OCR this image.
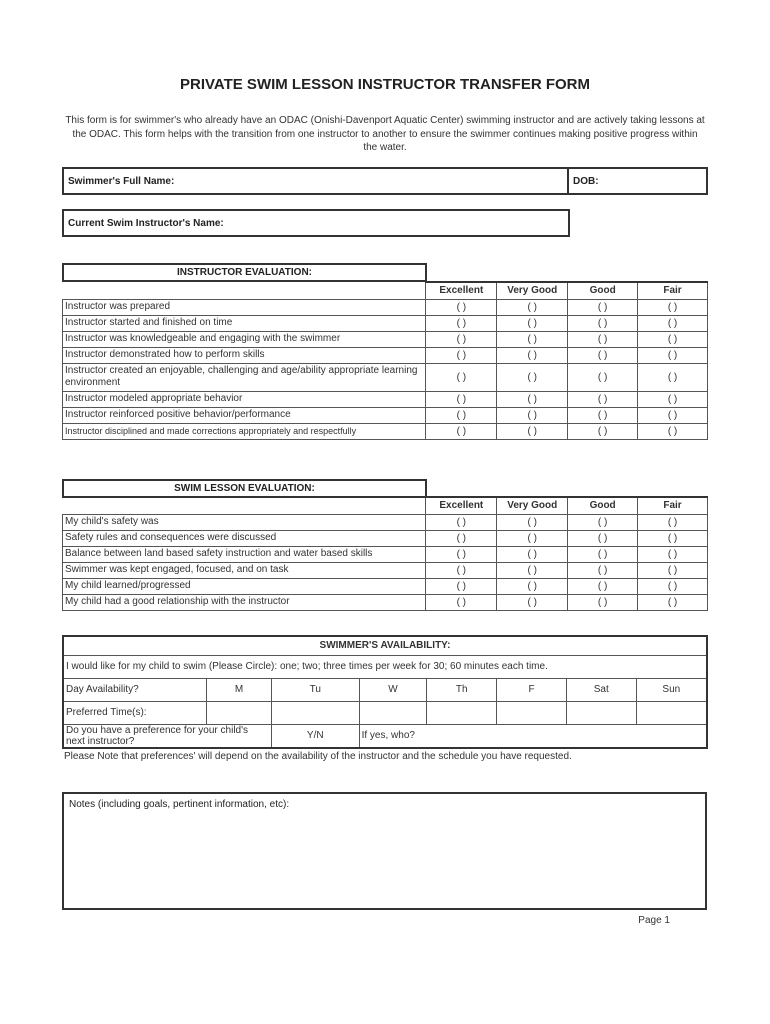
PRIVATE SWIM LESSON INSTRUCTOR TRANSFER FORM
This form is for swimmer's who already have an ODAC (Onishi-Davenport Aquatic Center) swimming instructor and are actively taking lessons at the ODAC. This form helps with the transition from one instructor to another to ensure the swimmer continues making positive progress within the water.
Swimmer's Full Name:	DOB:
Current Swim Instructor's Name:
INSTRUCTOR EVALUATION:
	Excellent	Very Good	Good	Fair
Instructor was prepared	( )	( )	( )	( )
Instructor started and finished on time	( )	( )	( )	( )
Instructor was knowledgeable and engaging with the swimmer	( )	( )	( )	( )
Instructor demonstrated how to perform skills	( )	( )	( )	( )
Instructor created an enjoyable, challenging and age/ability appropriate learning environment	( )	( )	( )	( )
Instructor modeled appropriate behavior	( )	( )	( )	( )
Instructor reinforced positive behavior/performance	( )	( )	( )	( )
Instructor disciplined and made corrections appropriately and respectfully	( )	( )	( )	( )
SWIM LESSON EVALUATION:
	Excellent	Very Good	Good	Fair
My child's safety was	( )	( )	( )	( )
Safety rules and consequences were discussed	( )	( )	( )	( )
Balance between land based safety instruction and water based skills	( )	( )	( )	( )
Swimmer was kept engaged, focused, and on task	( )	( )	( )	( )
My child learned/progressed	( )	( )	( )	( )
My child had a good relationship with the instructor	( )	( )	( )	( )
SWIMMER'S AVAILABILITY:							
I would like for my child to swim (Please Circle): one; two; three times per week for 30; 60 minutes each time.							
Day Availability?	M	Tu	W	Th	F	Sat	Sun
Preferred Time(s):							
Do you have a preference for your child's next instructor?		Y/N	If yes, who?				
Please Note that preferences' will depend on the availability of the instructor and the schedule you have requested.
Notes (including goals, pertinent information, etc):
Page 1
